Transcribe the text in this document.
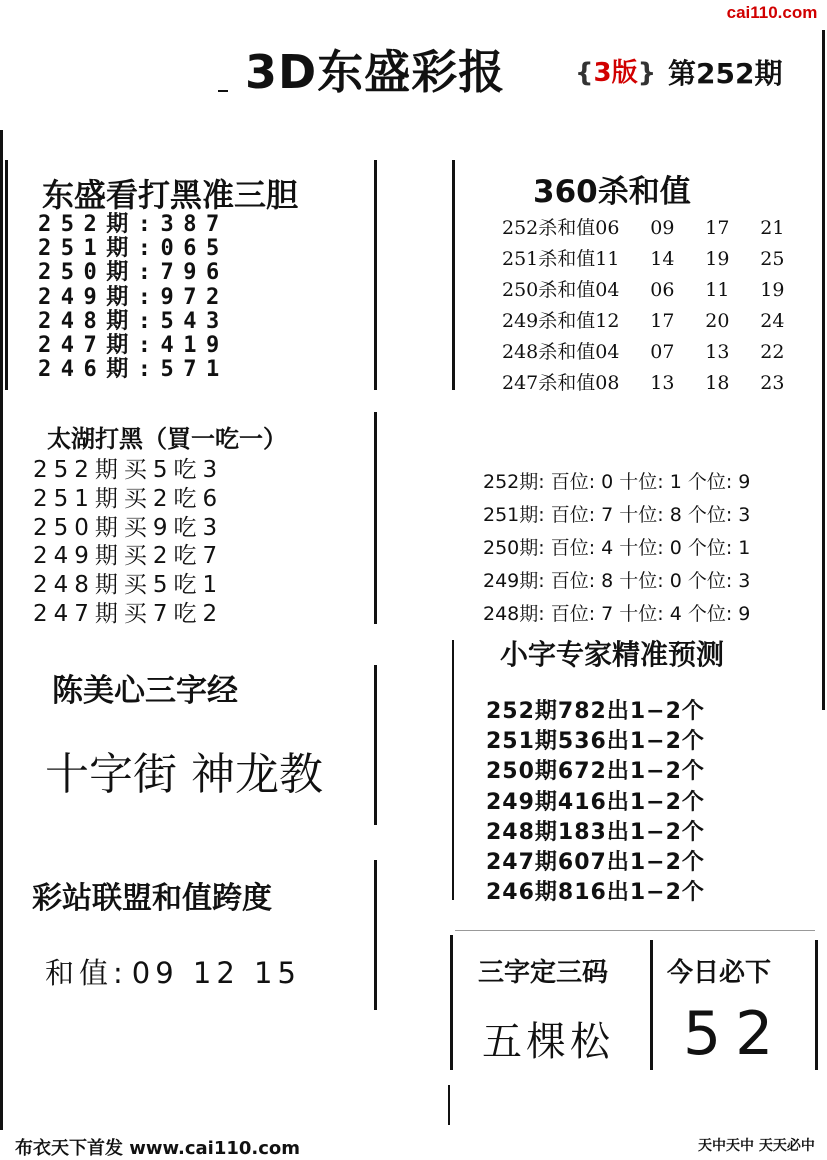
cai110.com
3D东盛彩报	{3版} 第252期
东盛看打黑准三胆
252期:387
251期:065
250期:796
249期:972
248期:543
247期:419
246期:571
太湖打黑（買一吃一）
252期买5吃3
251期买2吃6
250期买9吃3
249期买2吃7
248期买5吃1
247期买7吃2
陈美心三字经
十字街 神龙教
彩站联盟和值跨度
和值: 09 12 15
360杀和值
252杀和值06 09 17 21
251杀和值11 14 19 25
250杀和值04 06 11 19
249杀和值12 17 20 24
248杀和值04 07 13 22
247杀和值08 13 18 23
252期: 百位: 0 十位: 1 个位: 9
251期: 百位: 7 十位: 8 个位: 3
250期: 百位: 4 十位: 0 个位: 1
249期: 百位: 8 十位: 0 个位: 3
248期: 百位: 7 十位: 4 个位: 9
小字专家精准预测
252期782出1−2个
251期536出1−2个
250期672出1−2个
249期416出1−2个
248期183出1−2个
247期607出1−2个
246期816出1−2个
三字定三码
五棵松
今日必下
52
布衣天下首发 www.cai110.com	天中天中 天天必中
